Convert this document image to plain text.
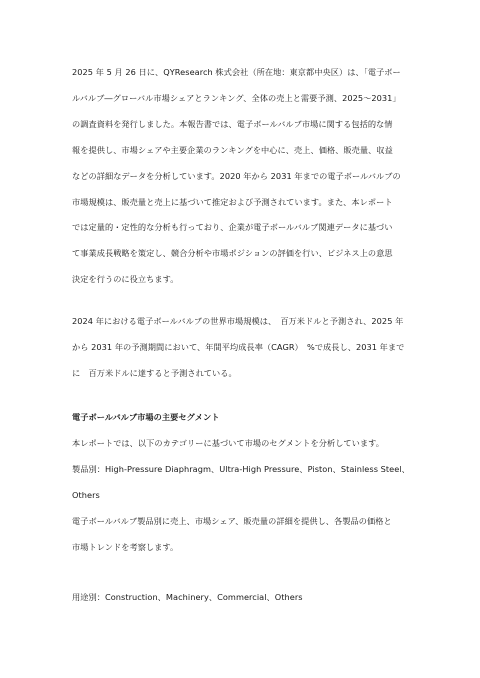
2025 年 5 月 26 日に、QYResearch 株式会社（所在地：東京都中央区）は、「電子ボー
ルバルブ―グローバル市場シェアとランキング、全体の売上と需要予測、2025～2031」
の調査資料を発行しました。本報告書では、電子ボールバルブ市場に関する包括的な情
報を提供し、市場シェアや主要企業のランキングを中心に、売上、価格、販売量、収益
などの詳細なデータを分析しています。2020 年から 2031 年までの電子ボールバルブの
市場規模は、販売量と売上に基づいて推定および予測されています。また、本レポート
では定量的・定性的な分析も行っており、企業が電子ボールバルブ関連データに基づい
て事業成長戦略を策定し、競合分析や市場ポジションの評価を行い、ビジネス上の意思
決定を行うのに役立ちます。
2024 年における電子ボールバルブの世界市場規模は、　百万米ドルと予測され、2025 年
から 2031 年の予測期間において、年間平均成長率（CAGR）　%で成長し、2031 年まで
に　百万米ドルに達すると予測されている。
電子ボールバルブ市場の主要セグメント
本レポートでは、以下のカテゴリーに基づいて市場のセグメントを分析しています。
製品別：High-Pressure Diaphragm、Ultra-High Pressure、Piston、Stainless Steel、
Others
電子ボールバルブ製品別に売上、市場シェア、販売量の詳細を提供し、各製品の価格と
市場トレンドを考察します。
用途別：Construction、Machinery、Commercial、Others
